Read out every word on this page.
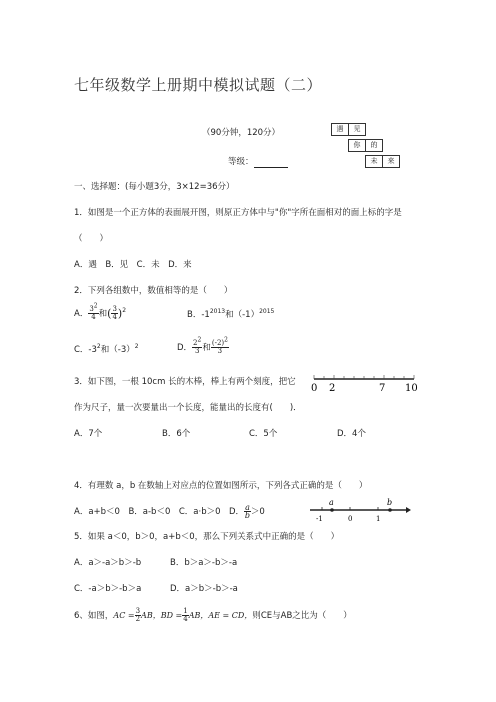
七年级数学上册期中模拟试题（二）
（90分钟，120分）
等级：
遇	见
你	的
未	来
一、选择题：(每小题3分，3×12=36分）
1．如图是一个正方体的表面展开图，则原正方体中与"你"字所在面相对的面上标的字是
（　　）
A．遇　B．见　C．未　D．来
2．下列各组数中，数值相等的是（　　）
A． $\frac{32}{4}$ 和( $\frac{3}{4} )^2$	B．$-1^{2013}$和$(-1)^{2015}$
C．$-3^2$和$(-3)^2$	D． $\frac{22}{3}$ 和 $\frac{(-2)2}{3}$
3．如下图，一根 10cm 长的木棒，棒上有两个刻度，把它
0 2	7 10
作为尺子，量一次要量出一个长度，能量出的长度有(　　)．
A．7个	B．6个	C．5个	D．4个
4．有理数 a，b 在数轴上对应点的位置如图所示，下列各式正确的是（　　）
A．a+b＜0　B．a-b＜0　C．a·b＞0　D． $\frac{a}{b} >0$
a	b
-1	0	1
5．如果 a＜0，b＞0，a+b＜0，那么下列关系式中正确的是（　　）
A．a＞-a＞b＞-b	B．b＞a＞-b＞-a
C．-a＞b＞-b＞a	D．a＞b＞-b＞-a
6、如图，AC = $\frac{3}{2}$ AB，BD = $\frac{1}{4}$ AB，AE = CD，则CE与AB之比为（　　）
